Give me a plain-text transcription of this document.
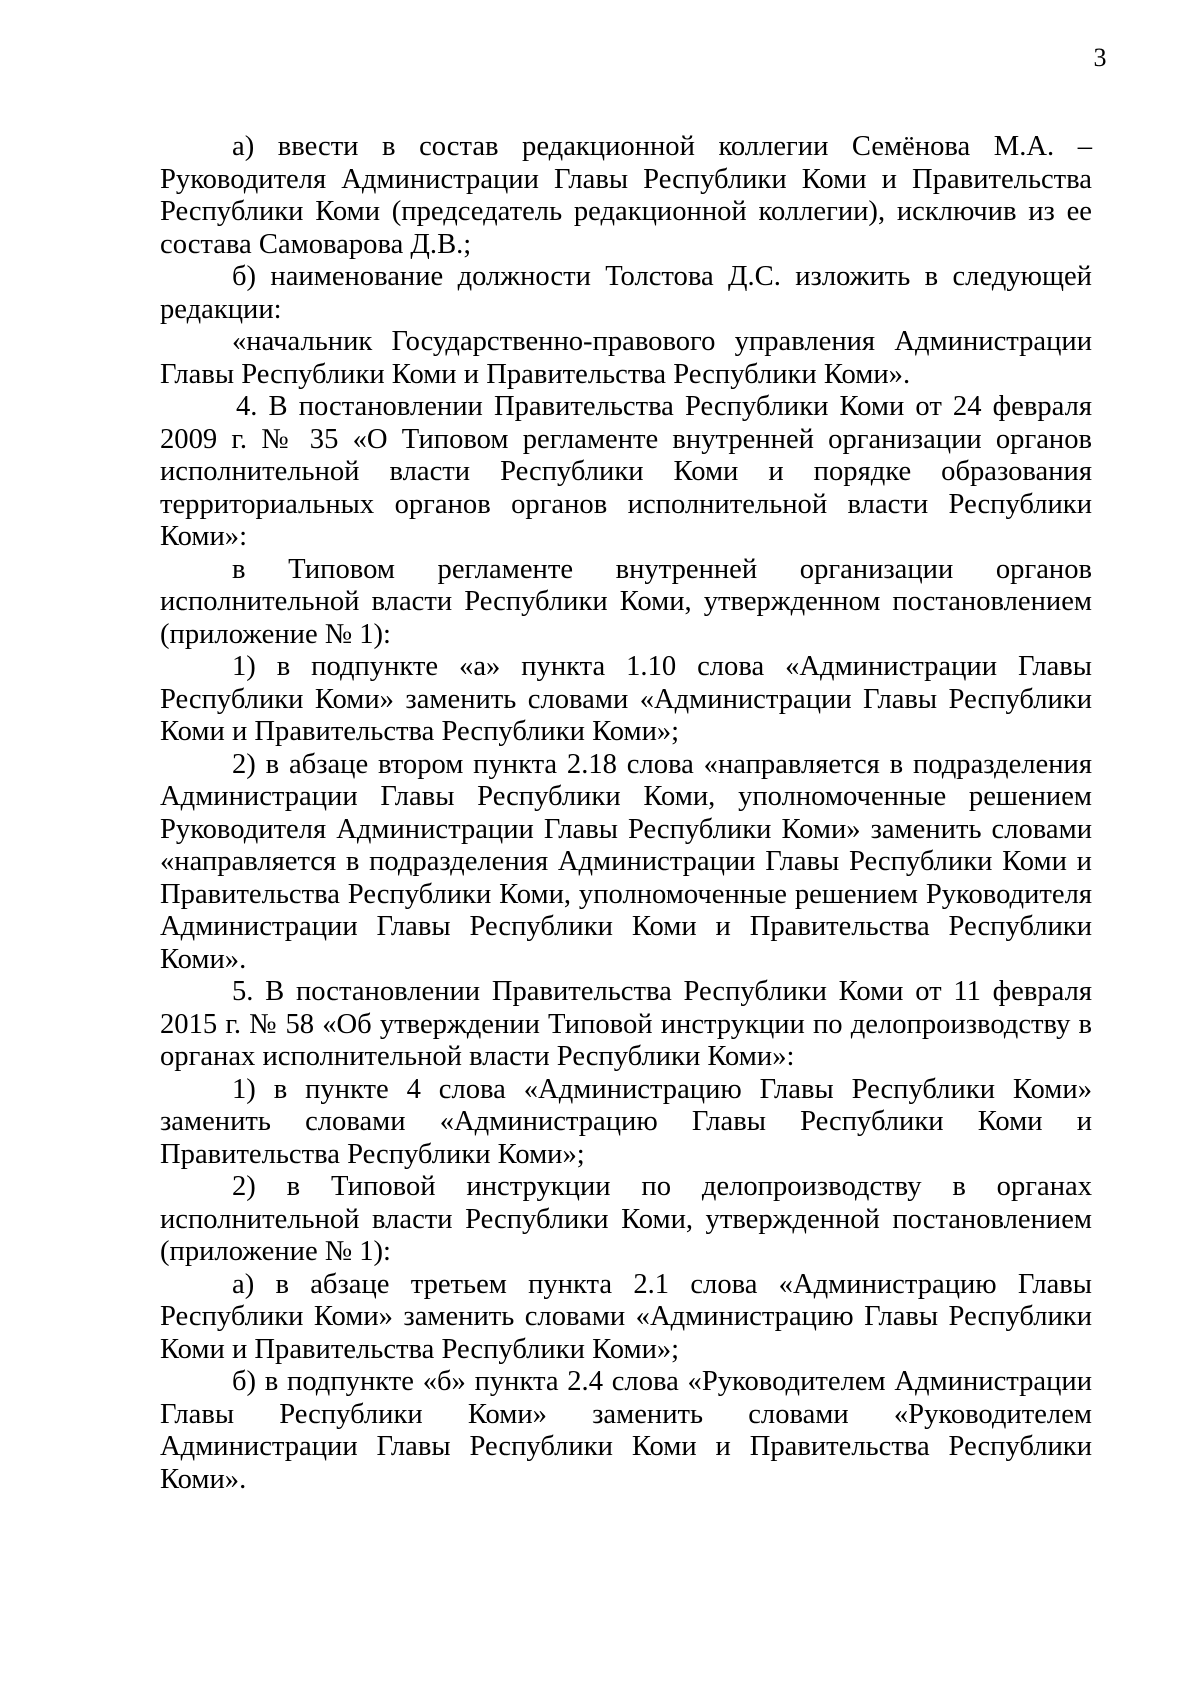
3

а) ввести в состав редакционной коллегии Семёнова М.А. – Руководителя Администрации Главы Республики Коми и Правительства Республики Коми (председатель редакционной коллегии), исключив из ее состава Самоварова Д.В.;

б) наименование должности Толстова Д.С. изложить в следующей редакции:

«начальник Государственно-правового управления Администрации Главы Республики Коми и Правительства Республики Коми».

4. В постановлении Правительства Республики Коми от 24 февраля 2009 г. № 35 «О Типовом регламенте внутренней организации органов исполнительной власти Республики Коми и порядке образования территориальных органов органов исполнительной власти Республики Коми»:

в Типовом регламенте внутренней организации органов исполнительной власти Республики Коми, утвержденном постановлением (приложение № 1):

1) в подпункте «а» пункта 1.10 слова «Администрации Главы Республики Коми» заменить словами «Администрации Главы Республики Коми и Правительства Республики Коми»;

2) в абзаце втором пункта 2.18 слова «направляется в подразделения Администрации Главы Республики Коми, уполномоченные решением Руководителя Администрации Главы Республики Коми» заменить словами «направляется в подразделения Администрации Главы Республики Коми и Правительства Республики Коми, уполномоченные решением Руководителя Администрации Главы Республики Коми и Правительства Республики Коми».

5. В постановлении Правительства Республики Коми от 11 февраля 2015 г. № 58 «Об утверждении Типовой инструкции по делопроизводству в органах исполнительной власти Республики Коми»:

1) в пункте 4 слова «Администрацию Главы Республики Коми» заменить словами «Администрацию Главы Республики Коми и Правительства Республики Коми»;

2) в Типовой инструкции по делопроизводству в органах исполнительной власти Республики Коми, утвержденной постановлением (приложение № 1):

а) в абзаце третьем пункта 2.1 слова «Администрацию Главы Республики Коми» заменить словами «Администрацию Главы Республики Коми и Правительства Республики Коми»;

б) в подпункте «б» пункта 2.4 слова «Руководителем Администрации Главы Республики Коми» заменить словами «Руководителем Администрации Главы Республики Коми и Правительства Республики Коми».
